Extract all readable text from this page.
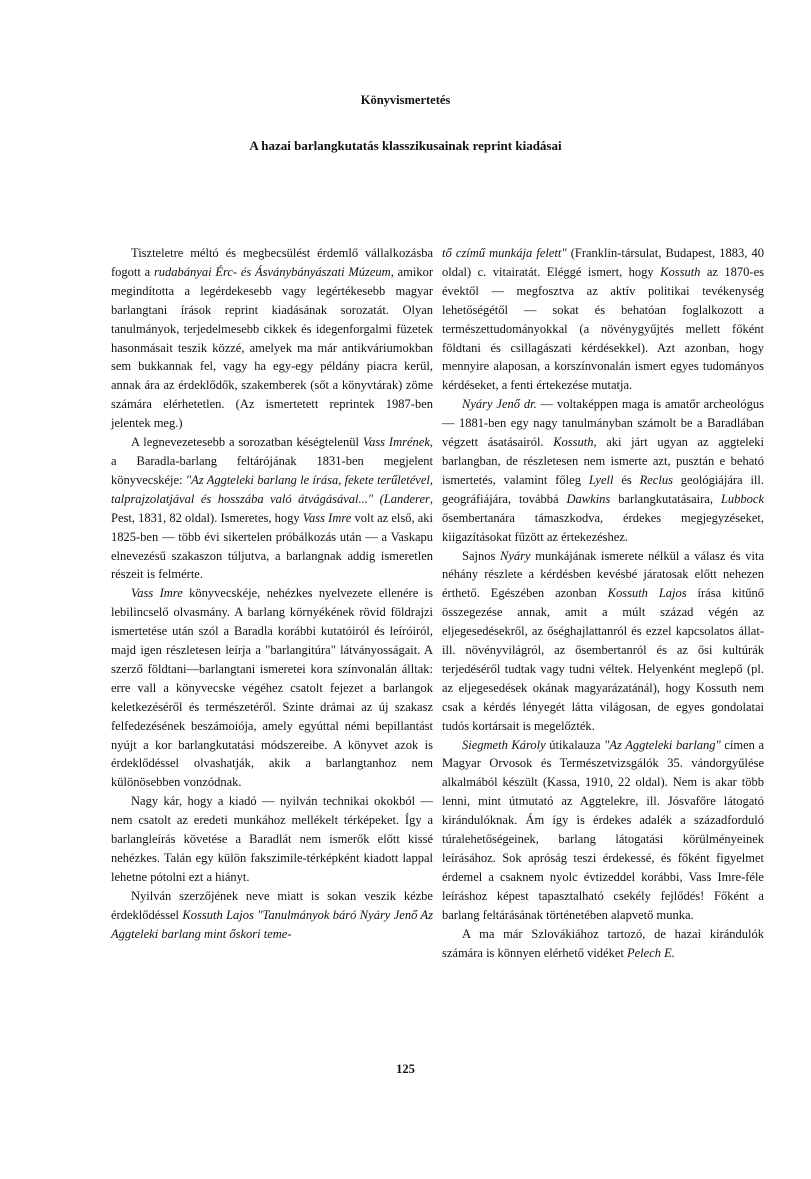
Könyvismertetés
A hazai barlangkutatás klasszikusainak reprint kiadásai

Tiszteletre méltó és megbecsülést érdemlő vállalkozásba fogott a rudabányai Érc- és Ásványbányászati Múzeum, amikor megindította a legérdekesebb vagy legértékesebb magyar barlangtani írások reprint kiadásának sorozatát. Olyan tanulmányok, terjedelmesebb cikkek és idegenforgalmi füzetek hasonmásait teszik közzé, amelyek ma már antikváriumokban sem bukkannak fel, vagy ha egy-egy példány piacra kerül, annak ára az érdeklődők, szakemberek (sőt a könyvtárak) zöme számára elérhetetlen. (Az ismertetett reprintek 1987-ben jelentek meg.)

A legnevezetesebb a sorozatban késégtelenül Vass Imrének, a Baradla-barlang feltárójának 1831-ben megjelent könyvecskéje: "Az Aggteleki barlang le írása, fekete terűletével, talprajzolatjával és hosszába való átvágásával..." (Landerer, Pest, 1831, 82 oldal). Ismeretes, hogy Vass Imre volt az első, aki 1825-ben — több évi sikertelen próbálkozás után — a Vaskapu elnevezésű szakaszon túljutva, a barlangnak addig ismeretlen részeit is felmérte.

Vass Imre könyvecskéje, nehézkes nyelvezete ellenére is lebilincselő olvasmány. A barlang környékének rövid földrajzi ismertetése után szól a Baradla korábbi kutatóiról és leíróiról, majd igen részletesen leírja a "barlangitúra" látványosságait. A szerző földtani—barlangtani ismeretei kora színvonalán álltak: erre vall a könyvecske végéhez csatolt fejezet a barlangok keletkezéséről és természetéről. Szinte drámai az új szakasz felfedezésének beszámoiója, amely egyúttal némi bepillantást nyújt a kor barlangkutatási módszereibe. A könyvet azok is érdeklődéssel olvashatják, akik a barlangtanhoz nem különösebben vonzódnak.

Nagy kár, hogy a kiadó — nyilván technikai okokból — nem csatolt az eredeti munkához mellékelt térképeket. Így a barlangleírás követése a Baradlát nem ismerők előtt kissé nehézkes. Talán egy külön fakszimile-térképként kiadott lappal lehetne pótolni ezt a hiányt.

Nyilván szerzőjének neve miatt is sokan veszik kézbe érdeklődéssel Kossuth Lajos "Tanulmányok báró Nyáry Jenő Az Aggteleki barlang mint őskori teme-

tő czímű munkája felett" (Franklin-társulat, Budapest, 1883, 40 oldal) c. vitairatát. Eléggé ismert, hogy Kossuth az 1870-es évektől — megfosztva az aktív politikai tevékenység lehetőségétől — sokat és behatóan foglalkozott a természettudományokkal (a növénygyűjtés mellett főként földtani és csillagászati kérdésekkel). Azt azonban, hogy mennyire alaposan, a korszínvonalán ismert egyes tudományos kérdéseket, a fenti értekezése mutatja.

Nyáry Jenő dr. — voltaképpen maga is amatőr archeológus — 1881-ben egy nagy tanulmányban számolt be a Baradlában végzett ásatásairól. Kossuth, aki járt ugyan az aggteleki barlangban, de részletesen nem ismerte azt, pusztán e beható ismertetés, valamint főleg Lyell és Reclus geológiájára ill. geográfiájára, továbbá Dawkins barlangkutatásaira, Lubbock ősembertanára támaszkodva, érdekes megjegyzéseket, kiigazításokat fűzött az értekezéshez.

Sajnos Nyáry munkájának ismerete nélkül a válasz és vita néhány részlete a kérdésben kevésbé járatosak előtt nehezen érthető. Egészében azonban Kossuth Lajos írása kitűnő összegezése annak, amit a múlt század végén az eljegesedésekről, az őséghajlattanról és ezzel kapcsolatos állat- ill. növényvilágról, az ősembertanról és az ősi kultúrák terjedéséről tudtak vagy tudni véltek. Helyenként meglepő (pl. az eljegesedések okának magyarázatánál), hogy Kossuth nem csak a kérdés lényegét látta világosan, de egyes gondolatai tudós kortársait is megelőzték.

Siegmeth Károly útikalauza "Az Aggteleki barlang" címen a Magyar Orvosok és Természetvizsgálók 35. vándorgyűlése alkalmából készült (Kassa, 1910, 22 oldal). Nem is akar több lenni, mint útmutató az Aggtelekre, ill. Jósvafőre látogató kirándulóknak. Ám így is érdekes adalék a századforduló túralehetőségeinek, barlang látogatási körülményeinek leírásához. Sok apróság teszi érdekessé, és főként figyelmet érdemel a csaknem nyolc évtizeddel korábbi, Vass Imre-féle leíráshoz képest tapasztalható csekély fejlődés! Főként a barlang feltárásának történetében alapvető munka.

A ma már Szlovákiához tartozó, de hazai kirándulók számára is könnyen elérhető vidéket Pelech E.

125
